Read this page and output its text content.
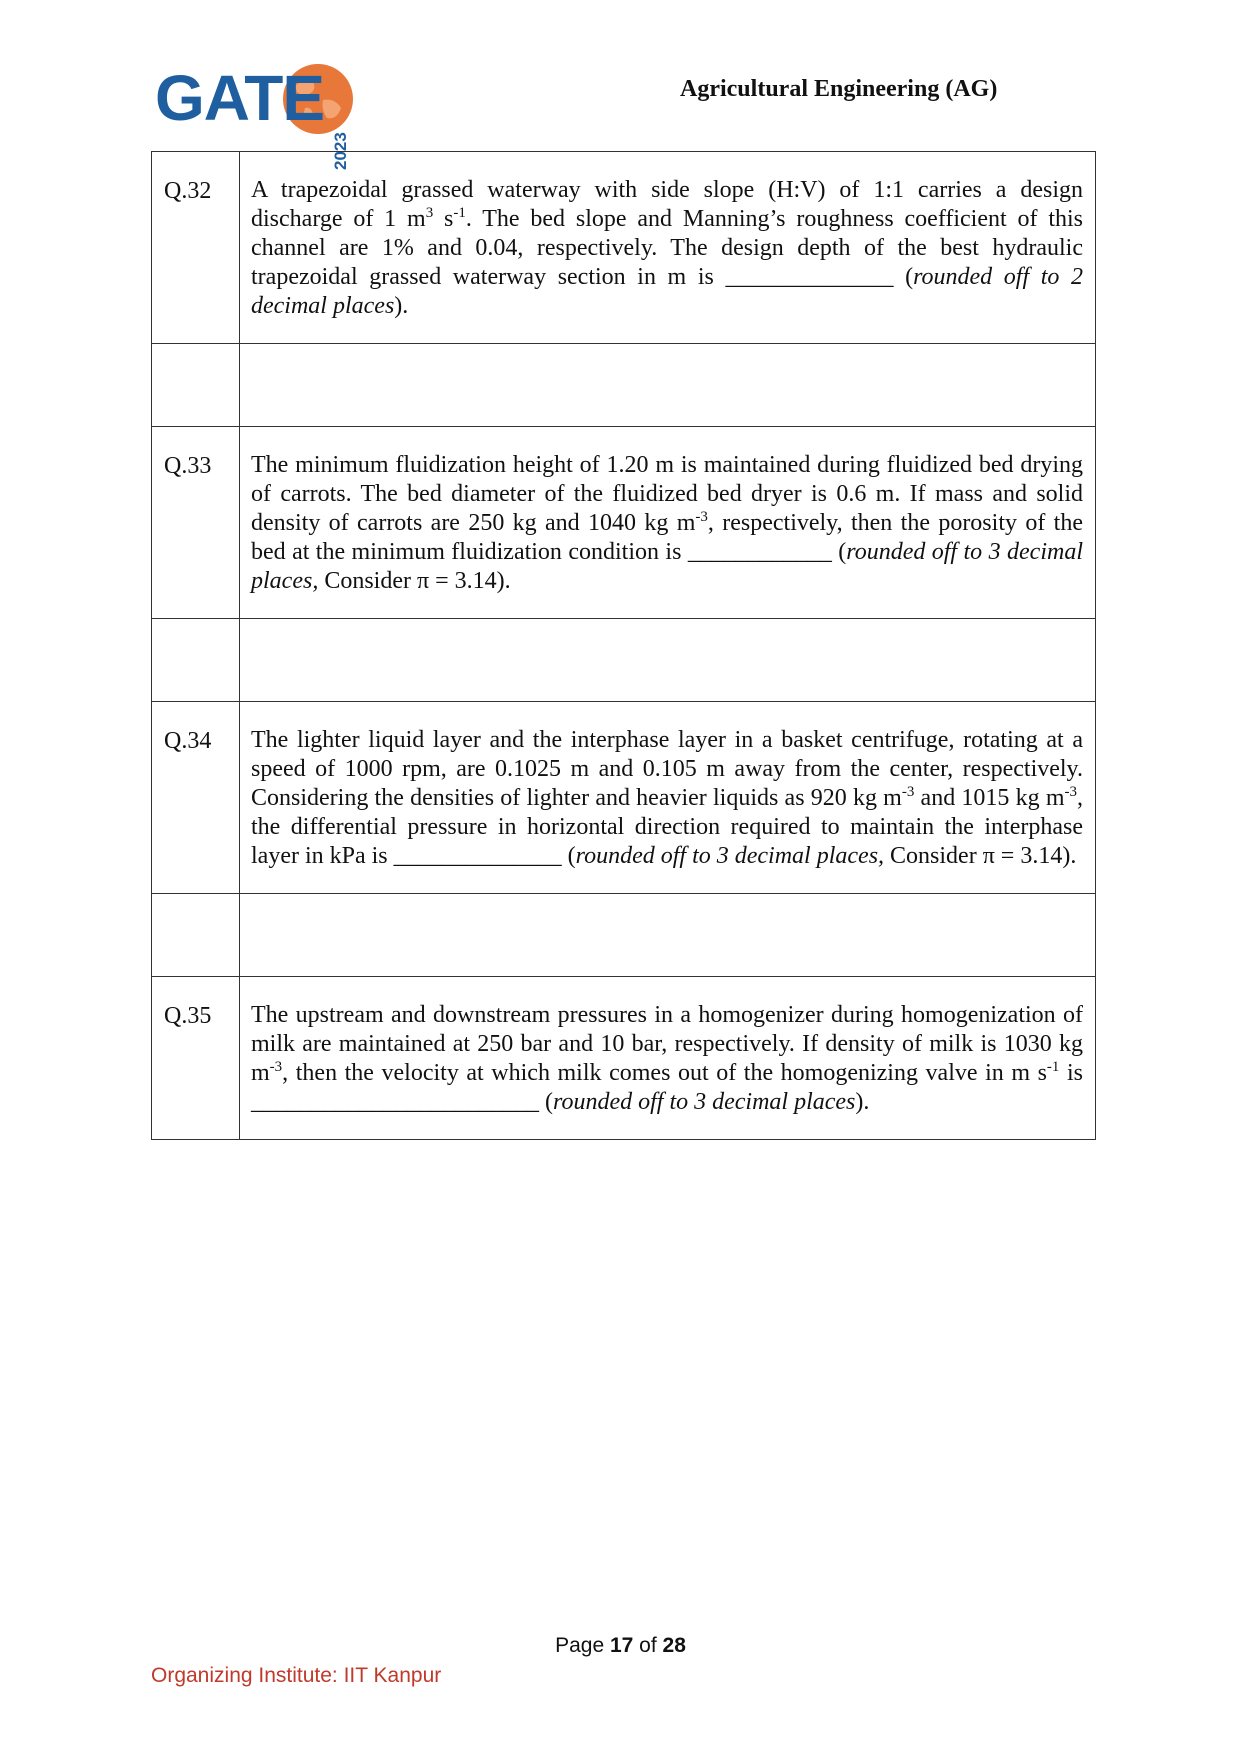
GATE
2023
Agricultural Engineering (AG)
Q.32	A trapezoidal grassed waterway with side slope (H:V) of 1:1 carries a design discharge of 1 $m^3$ $s^{-1}$. The bed slope and Manning’s roughness coefficient of this channel are 1% and 0.04, respectively. The design depth of the best hydraulic trapezoidal grassed waterway section in m is ______________ (rounded off to 2 decimal places).

Q.33	The minimum fluidization height of 1.20 m is maintained during fluidized bed drying of carrots. The bed diameter of the fluidized bed dryer is 0.6 m. If mass and solid density of carrots are 250 kg and 1040 kg $m^{-3}$, respectively, then the porosity of the bed at the minimum fluidization condition is ____________ (rounded off to 3 decimal places, Consider π = 3.14).

Q.34	The lighter liquid layer and the interphase layer in a basket centrifuge, rotating at a speed of 1000 rpm, are 0.1025 m and 0.105 m away from the center, respectively. Considering the densities of lighter and heavier liquids as 920 kg $m^{-3}$ and 1015 kg $m^{-3}$, the differential pressure in horizontal direction required to maintain the interphase layer in kPa is ______________ (rounded off to 3 decimal places, Consider π = 3.14).

Q.35	The upstream and downstream pressures in a homogenizer during homogenization of milk are maintained at 250 bar and 10 bar, respectively. If density of milk is 1030 kg $m^{-3}$, then the velocity at which milk comes out of the homogenizing valve in m $s^{-1}$ is ________________________ (rounded off to 3 decimal places).
Page 17 of 28
Organizing Institute: IIT Kanpur
